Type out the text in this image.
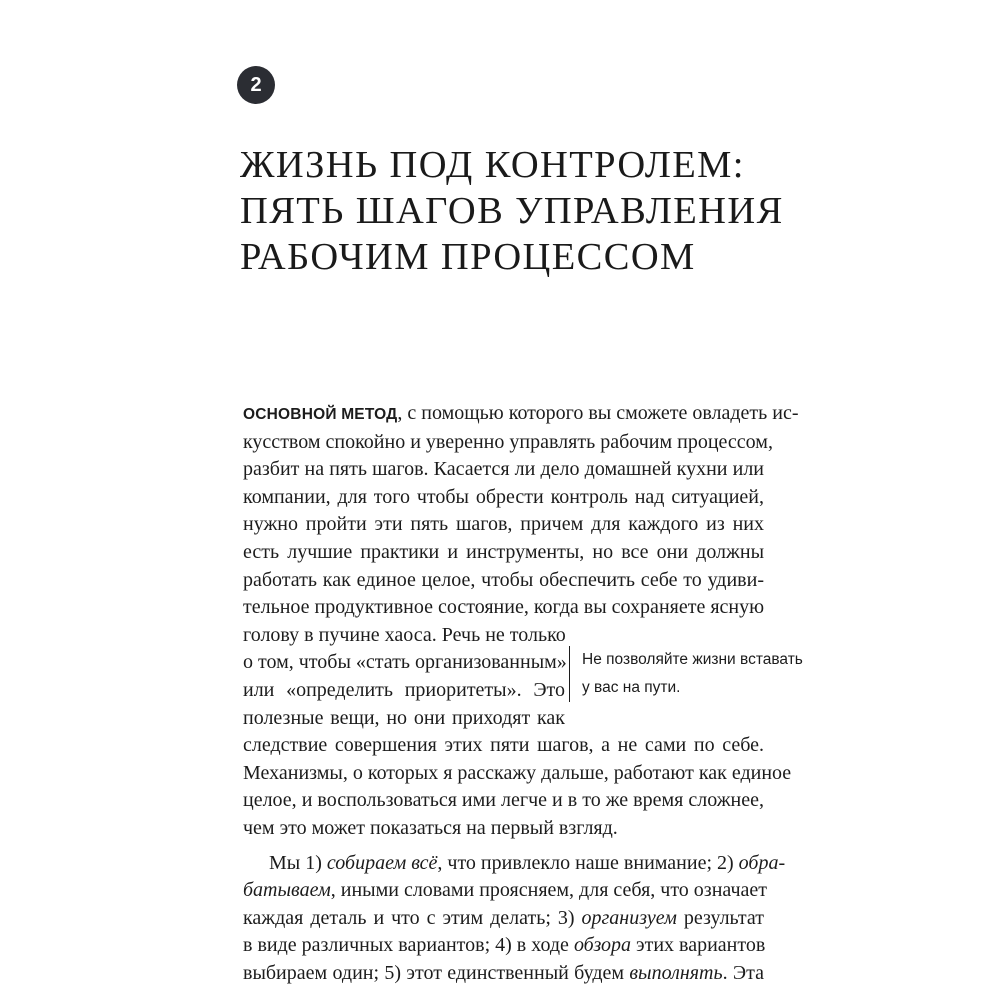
2
ЖИЗНЬ ПОД КОНТРОЛЕМ:
ПЯТЬ ШАГОВ УПРАВЛЕНИЯ
РАБОЧИМ ПРОЦЕССОМ
ОСНОВНОЙ МЕТОД, с помощью которого вы сможете овладеть ис-
кусством спокойно и уверенно управлять рабочим процессом,
разбит на пять шагов. Касается ли дело домашней кухни или
компании, для того чтобы обрести контроль над ситуацией,
нужно пройти эти пять шагов, причем для каждого из них
есть лучшие практики и инструменты, но все они должны
работать как единое целое, чтобы обеспечить себе то удиви-
тельное продуктивное состояние, когда вы сохраняете ясную
голову в пучине хаоса. Речь не только
о том, чтобы «стать организованным»
или «определить приоритеты». Это
полезные вещи, но они приходят как
следствие совершения этих пяти шагов, а не сами по себе.
Механизмы, о которых я расскажу дальше, работают как единое
целое, и воспользоваться ими легче и в то же время сложнее,
чем это может показаться на первый взгляд.
Мы 1) собираем всё, что привлекло наше внимание; 2) обра-
батываем, иными словами проясняем, для себя, что означает
каждая деталь и что с этим делать; 3) организуем результат
в виде различных вариантов; 4) в ходе обзора этих вариантов
выбираем один; 5) этот единственный будем выполнять. Эта
Не позволяйте жизни вставать
у вас на пути.
